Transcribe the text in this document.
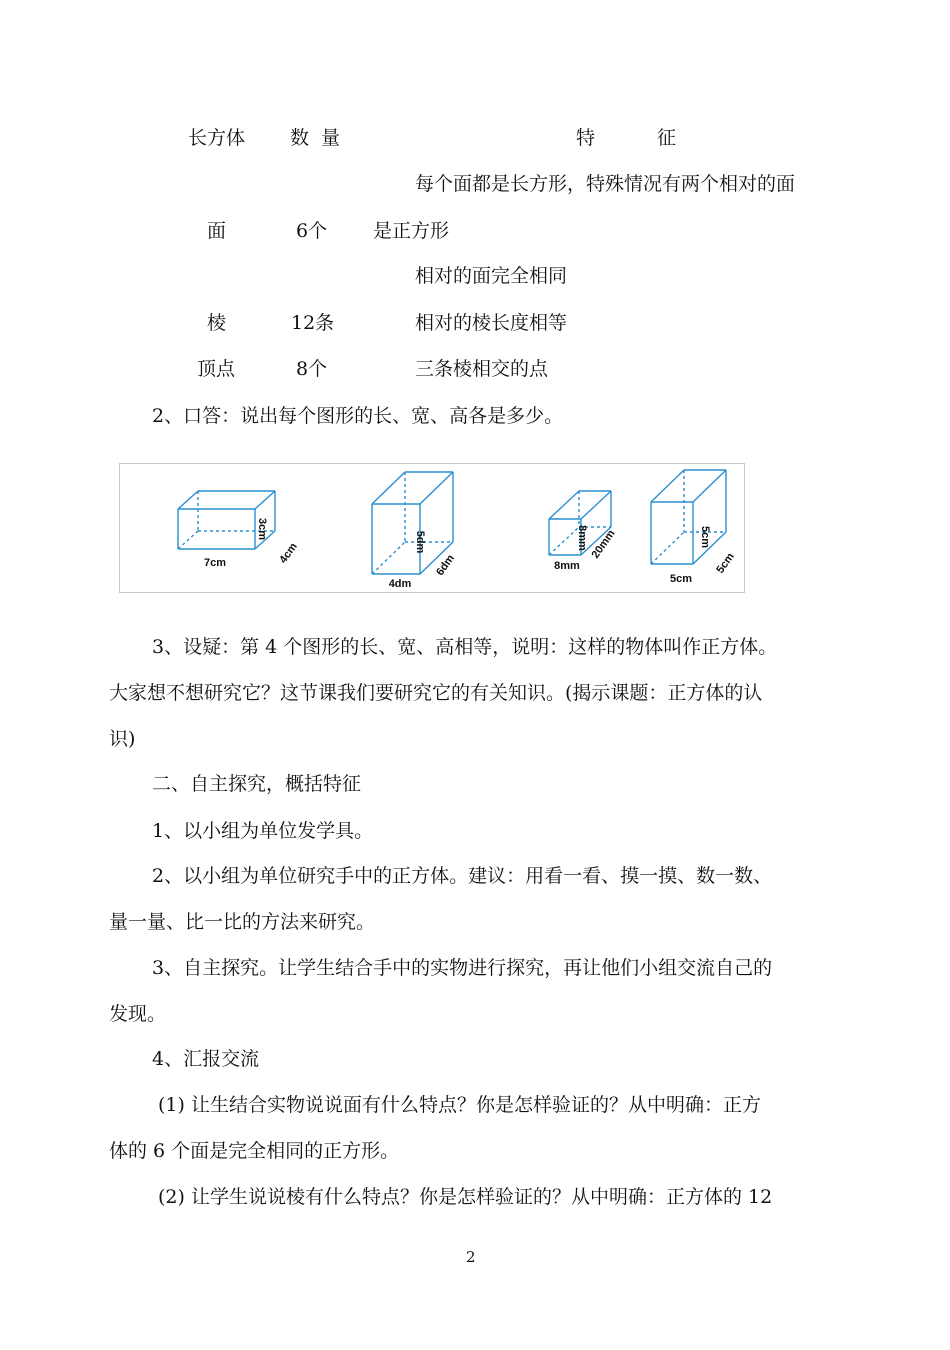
长方体 数 量	特 征
每个面都是长方形，特殊情况有两个相对的面
面	6个 是正方形
相对的面完全相同
棱	12条	相对的棱长度相等
顶点	8个	三条棱相交的点
2、口答：说出每个图形的长、宽、高各是多少。
7cm
3cm
4cm
4dm
5dm
6dm	8mm
8mm 20mm
5cm
5cm
5cm
3、设疑：第 4 个图形的长、宽、高相等，说明：这样的物体叫作正方体。
大家想不想研究它？这节课我们要研究它的有关知识。(揭示课题：正方体的认
识)
二、自主探究，概括特征
1、以小组为单位发学具。
2、以小组为单位研究手中的正方体。建议：用看一看、摸一摸、数一数、
量一量、比一比的方法来研究。
3、自主探究。让学生结合手中的实物进行探究，再让他们小组交流自己的
发现。
4、汇报交流
(1) 让生结合实物说说面有什么特点？你是怎样验证的？从中明确：正方
体的 6 个面是完全相同的正方形。
(2) 让学生说说棱有什么特点？你是怎样验证的？从中明确：正方体的 12
2
